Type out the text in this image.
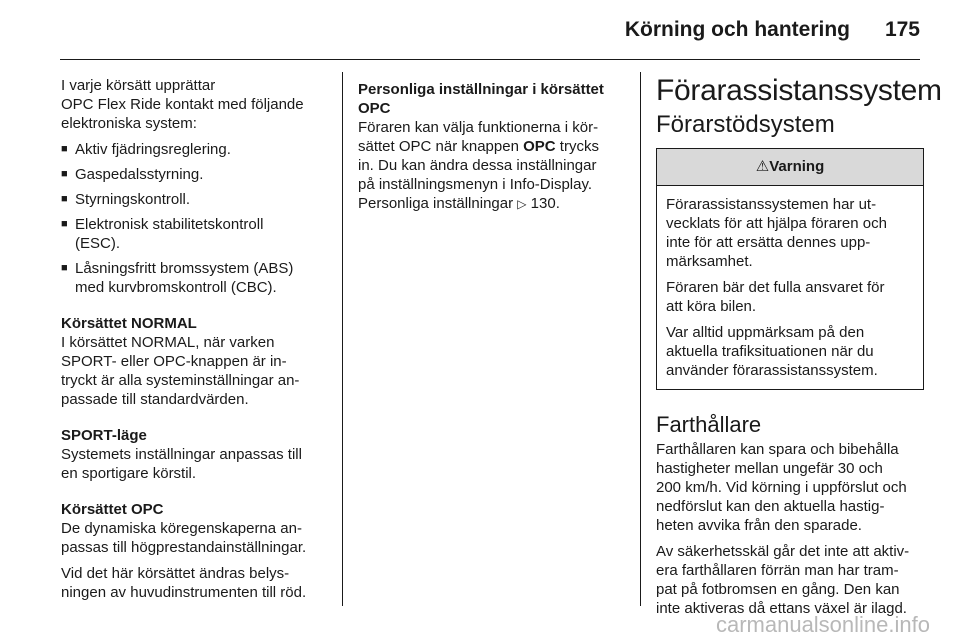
Körning och hantering 175

I varje körsätt upprättar
OPC Flex Ride kontakt med följande
elektroniska system:

■ Aktiv fjädringsreglering.
■ Gaspedalsstyrning.
■ Styrningskontroll.
■ Elektronisk stabilitetskontroll
(ESC).
■ Låsningsfritt bromssystem (ABS)
med kurvbromskontroll (CBC).

Körsättet NORMAL

I körsättet NORMAL, när varken
SPORT- eller OPC-knappen är in-
tryckt är alla systeminställningar an-
passade till standardvärden.

SPORT-läge

Systemets inställningar anpassas till
en sportigare körstil.

Körsättet OPC

De dynamiska köregenskaperna an-
passas till högprestandainställningar.

Vid det här körsättet ändras belys-
ningen av huvudinstrumenten till röd.

Personliga inställningar i körsättet
OPC

Föraren kan välja funktionerna i kör-
sättet OPC när knappen OPC trycks
in. Du kan ändra dessa inställningar
på inställningsmenyn i Info-Display.
Personliga inställningar ▷ 130.

Förarassistanssystem
Förarstödsystem
⚠Varning

Förarassistanssystemen har ut-
vecklats för att hjälpa föraren och
inte för att ersätta dennes upp-
märksamhet.

Föraren bär det fulla ansvaret för
att köra bilen.

Var alltid uppmärksam på den
aktuella trafiksituationen när du
använder förarassistanssystem.

Farthållare

Farthållaren kan spara och bibehålla
hastigheter mellan ungefär 30 och
200 km/h. Vid körning i uppförslut och
nedförslut kan den aktuella hastig-
heten avvika från den sparade.

Av säkerhetsskäl går det inte att aktiv-
era farthållaren förrän man har tram-
pat på fotbromsen en gång. Den kan
inte aktiveras då ettans växel är ilagd.

carmanualsonline.info
